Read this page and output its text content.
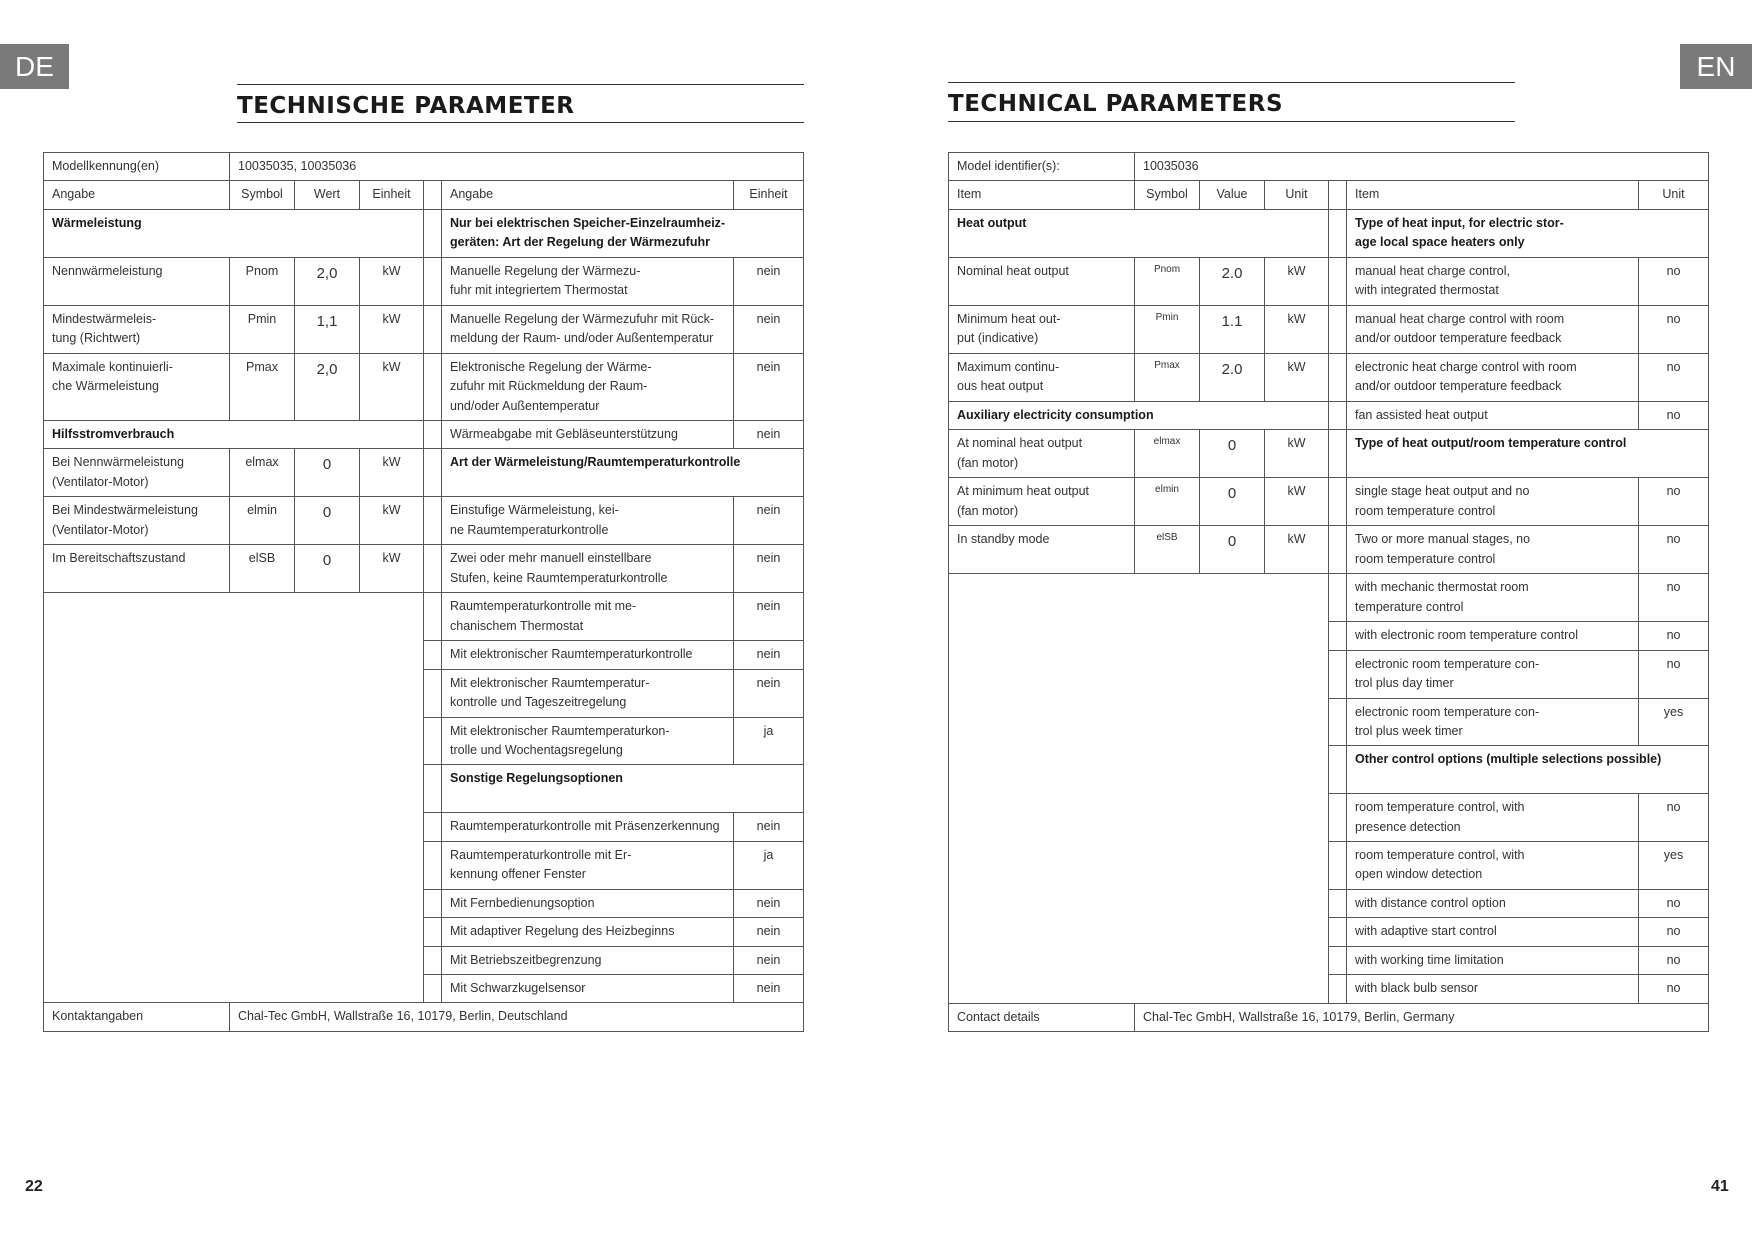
DE
TECHNISCHE PARAMETER
Modellkennung(en)	10035035, 10035036					
Angabe	Symbol	Wert	Einheit		Angabe	Einheit
Wärmeleistung					Nur bei elektrischen Speicher-Einzelraumheiz-
geräten: Art der Regelung der Wärmezufuhr	
Nennwärmeleistung	Pnom	2,0	kW		Manuelle Regelung der Wärmezu-
fuhr mit integriertem Thermostat	nein
Mindestwärmeleis-
tung (Richtwert)	Pmin	1,1	kW		Manuelle Regelung der Wärmezufuhr mit Rück-
meldung der Raum- und/oder Außentemperatur	nein
Maximale kontinuierli-
che Wärmeleistung	Pmax	2,0	kW		Elektronische Regelung der Wärme-
zufuhr mit Rückmeldung der Raum-
und/oder Außentemperatur	nein
Hilfsstromverbrauch					Wärmeabgabe mit Gebläseunterstützung	nein
Bei Nennwärmeleistung
(Ventilator-Motor)	elmax	0	kW		Art der Wärmeleistung/Raumtemperaturkontrolle	
Bei Mindestwärmeleistung
(Ventilator-Motor)	elmin	0	kW		Einstufige Wärmeleistung, kei-
ne Raumtemperaturkontrolle	nein
Im Bereitschaftszustand	elSB	0	kW		Zwei oder mehr manuell einstellbare
Stufen, keine Raumtemperaturkontrolle	nein
					Raumtemperaturkontrolle mit me-
chanischem Thermostat	nein
					Mit elektronischer Raumtemperaturkontrolle	nein
					Mit elektronischer Raumtemperatur-
kontrolle und Tageszeitregelung	nein
					Mit elektronischer Raumtemperaturkon-
trolle und Wochentagsregelung	ja
					Sonstige Regelungsoptionen	
					Raumtemperaturkontrolle mit Präsenzerkennung	nein
					Raumtemperaturkontrolle mit Er-
kennung offener Fenster	ja
					Mit Fernbedienungsoption	nein
					Mit adaptiver Regelung des Heizbeginns	nein
					Mit Betriebszeitbegrenzung	nein
					Mit Schwarzkugelsensor	nein
Kontaktangaben	Chal-Tec GmbH, Wallstraße 16, 10179, Berlin, Deutschland					
22
EN
TECHNICAL PARAMETERS
Model identifier(s):	10035036					
Item	Symbol	Value	Unit		Item	Unit
Heat output					Type of heat input, for electric stor-
age local space heaters only	
Nominal heat output	Pnom	2.0	kW		manual heat charge control,
with integrated thermostat	no
Minimum heat out-
put (indicative)	Pmin	1.1	kW		manual heat charge control with room
and/or outdoor temperature feedback	no
Maximum continu-
ous heat output	Pmax	2.0	kW		electronic heat charge control with room
and/or outdoor temperature feedback	no
Auxiliary electricity consumption					fan assisted heat output	no
At nominal heat output
(fan motor)	elmax	0	kW		Type of heat output/room temperature control	
At minimum heat output
(fan motor)	elmin	0	kW		single stage heat output and no
room temperature control	no
In standby mode	elSB	0	kW		Two or more manual stages, no
room temperature control	no
					with mechanic thermostat room
temperature control	no
					with electronic room temperature control	no
					electronic room temperature con-
trol plus day timer	no
					electronic room temperature con-
trol plus week timer	yes
					Other control options (multiple selections possible)	
					room temperature control, with
presence detection	no
					room temperature control, with
open window detection	yes
					with distance control option	no
					with adaptive start control	no
					with working time limitation	no
					with black bulb sensor	no
Contact details	Chal-Tec GmbH, Wallstraße 16, 10179, Berlin, Germany					
41
